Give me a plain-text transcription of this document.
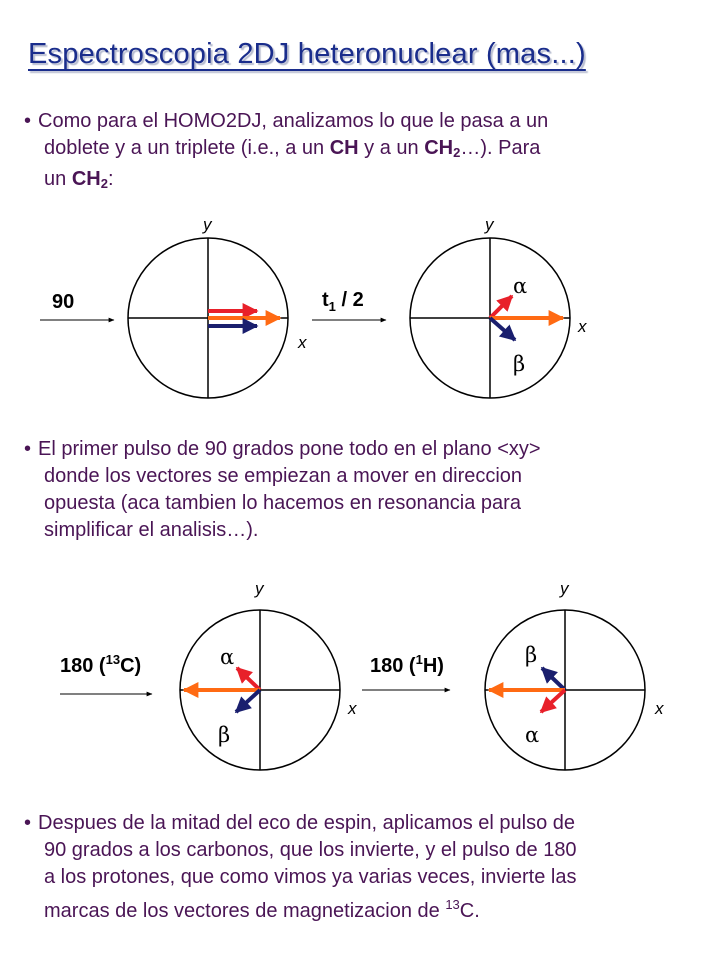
Espectroscopia 2DJ heteronuclear (mas...)
• Como para el HOMO2DJ, analizamos lo que le pasa a un
doblete y a un triplete (i.e., a un CH y a un $CH_2\dots$). Para
un $CH_2$:
90
y
x
$t_1 / 2$
y
x
α
β
• El primer pulso de 90 grados pone todo en el plano <xy>
donde los vectores se empiezan a mover en direccion
opuesta (aca tambien lo hacemos en resonancia para
simplificar el analisis…).
180 ($^{13}$C)
y
x
α
β
180 ($^1$H)
y
x
β
α
• Despues de la mitad del eco de espin, aplicamos el pulso de
90 grados a los carbonos, que los invierte, y el pulso de 180
a los protones, que como vimos ya varias veces, invierte las
marcas de los vectores de magnetizacion de $^{13}$C.
